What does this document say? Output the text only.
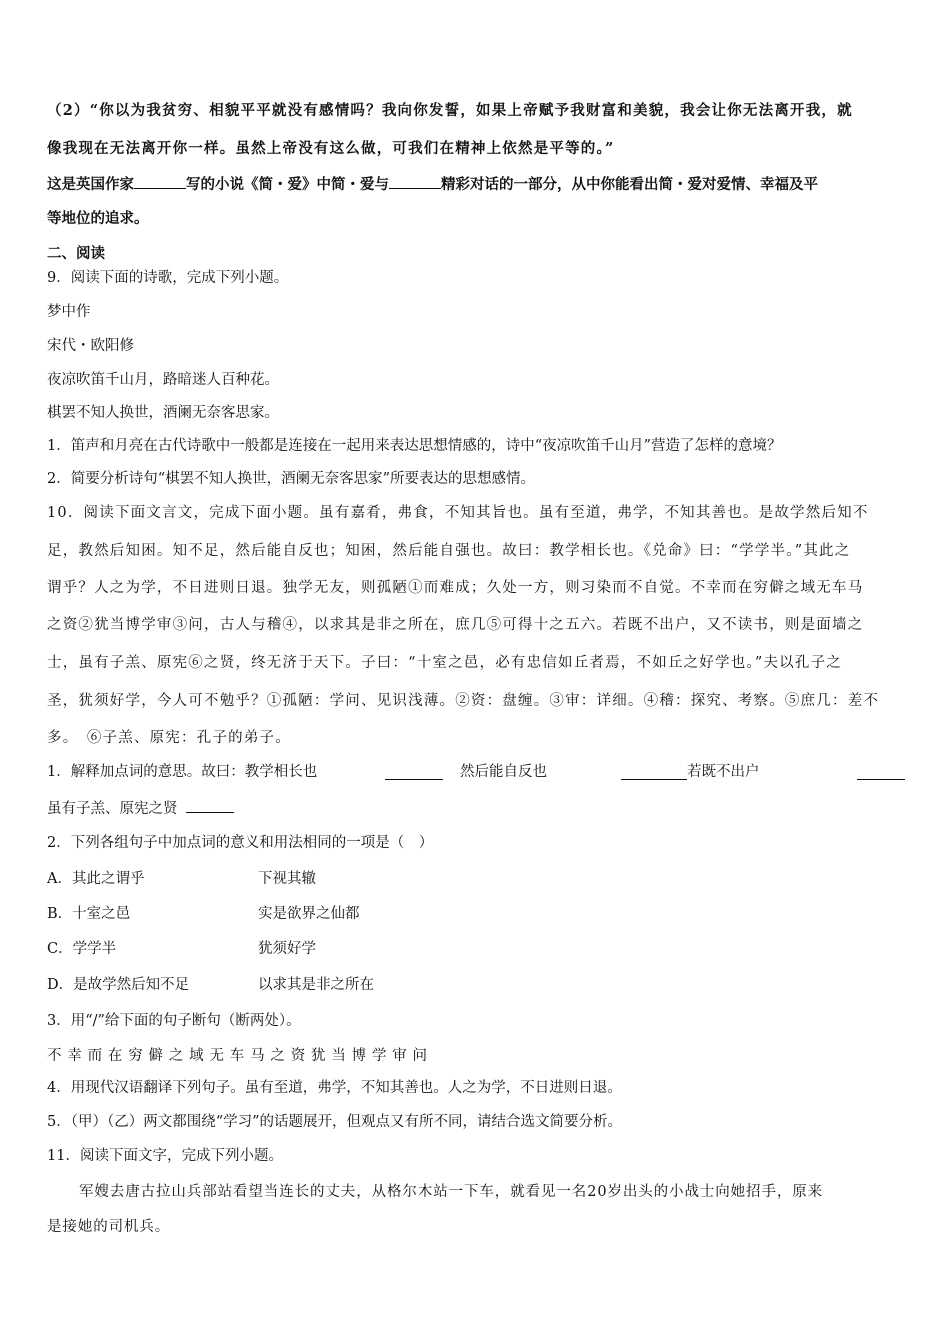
（2）“你以为我贫穷、相貌平平就没有感情吗？我向你发誓，如果上帝赋予我财富和美貌，我会让你无法离开我，就
像我现在无法离开你一样。虽然上帝没有这么做，可我们在精神上依然是平等的。”
这是英国作家	写的小说《简・爱》中简・爱与	精彩对话的一部分，从中你能看出简・爱对爱情、幸福及平
等地位的追求。
二、阅读
9．阅读下面的诗歌，完成下列小题。
梦中作
宋代・欧阳修
夜凉吹笛千山月，路暗迷人百种花。
棋罢不知人换世，酒阑无奈客思家。
1．笛声和月亮在古代诗歌中一般都是连接在一起用来表达思想情感的，诗中“夜凉吹笛千山月”营造了怎样的意境？
2．简要分析诗句“棋罢不知人换世，酒阑无奈客思家”所要表达的思想感情。
10．阅读下面文言文，完成下面小题。虽有嘉肴，弗食，不知其旨也。虽有至道，弗学，不知其善也。是故学然后知不
足，教然后知困。知不足，然后能自反也；知困，然后能自强也。故曰：教学相长也。《兑命》曰：“学学半。”其此之
谓乎？人之为学，不日进则日退。独学无友，则孤陋①而难成；久处一方，则习染而不自觉。不幸而在穷僻之域无车马
之资②犹当博学审③问，古人与稽④，以求其是非之所在，庶几⑤可得十之五六。若既不出户，又不读书，则是面墙之
士，虽有子羔、原宪⑥之贤，终无济于天下。子曰：“十室之邑，必有忠信如丘者焉，不如丘之好学也。”夫以孔子之
圣，犹须好学，今人可不勉乎？①孤陋：学问、见识浅薄。②资：盘缠。③审：详细。④稽：探究、考察。⑤庶几：差不
多。　⑥子羔、原宪：孔子的弟子。
1．解释加点词的意思。故曰：教学相长也	然后能自反也	若既不出户
虽有子羔、原宪之贤
2．下列各组句子中加点词的意义和用法相同的一项是（　）
A．其此之谓乎	下视其辙
B．十室之邑	实是欲界之仙都
C．学学半	犹须好学
D．是故学然后知不足	以求其是非之所在
3．用“/”给下面的句子断句（断两处）。
不 幸 而 在 穷 僻 之 域 无 车 马 之 资 犹 当 博 学 审 问
4．用现代汉语翻译下列句子。虽有至道，弗学，不知其善也。人之为学，不日进则日退。
5．（甲）（乙）两文都围绕“学习”的话题展开，但观点又有所不同，请结合选文简要分析。
11．阅读下面文字，完成下列小题。
军嫂去唐古拉山兵部站看望当连长的丈夫，从格尔木站一下车，就看见一名20岁出头的小战士向她招手，原来
是接她的司机兵。
